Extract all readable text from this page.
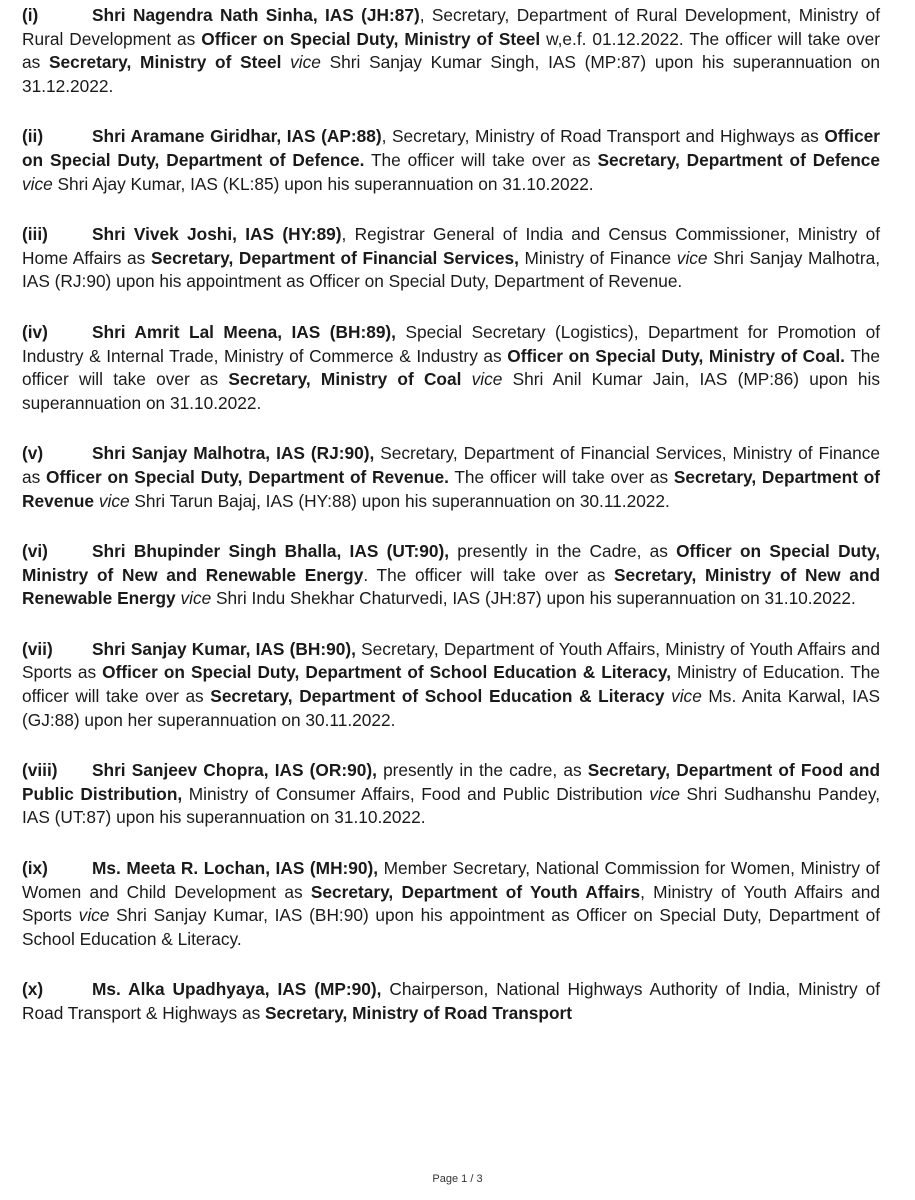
(i)	Shri Nagendra Nath Sinha, IAS (JH:87), Secretary, Department of Rural Development, Ministry of Rural Development as Officer on Special Duty, Ministry of Steel w,e.f. 01.12.2022. The officer will take over as Secretary, Ministry of Steel vice Shri Sanjay Kumar Singh, IAS (MP:87) upon his superannuation on 31.12.2022.

(ii)	Shri Aramane Giridhar, IAS (AP:88), Secretary, Ministry of Road Transport and Highways as Officer on Special Duty, Department of Defence. The officer will take over as Secretary, Department of Defence vice Shri Ajay Kumar, IAS (KL:85) upon his superannuation on 31.10.2022.

(iii)	Shri Vivek Joshi, IAS (HY:89), Registrar General of India and Census Commissioner, Ministry of Home Affairs as Secretary, Department of Financial Services, Ministry of Finance vice Shri Sanjay Malhotra, IAS (RJ:90) upon his appointment as Officer on Special Duty, Department of Revenue.

(iv)	Shri Amrit Lal Meena, IAS (BH:89), Special Secretary (Logistics), Department for Promotion of Industry & Internal Trade, Ministry of Commerce & Industry as Officer on Special Duty, Ministry of Coal. The officer will take over as Secretary, Ministry of Coal vice Shri Anil Kumar Jain, IAS (MP:86) upon his superannuation on 31.10.2022.

(v)	Shri Sanjay Malhotra, IAS (RJ:90), Secretary, Department of Financial Services, Ministry of Finance as Officer on Special Duty, Department of Revenue. The officer will take over as Secretary, Department of Revenue vice Shri Tarun Bajaj, IAS (HY:88) upon his superannuation on 30.11.2022.

(vi)	Shri Bhupinder Singh Bhalla, IAS (UT:90), presently in the Cadre, as Officer on Special Duty, Ministry of New and Renewable Energy. The officer will take over as Secretary, Ministry of New and Renewable Energy vice Shri Indu Shekhar Chaturvedi, IAS (JH:87) upon his superannuation on 31.10.2022.

(vii) Shri Sanjay Kumar, IAS (BH:90), Secretary, Department of Youth Affairs, Ministry of Youth Affairs and Sports as Officer on Special Duty, Department of School Education & Literacy, Ministry of Education. The officer will take over as Secretary, Department of School Education & Literacy vice Ms. Anita Karwal, IAS (GJ:88) upon her superannuation on 30.11.2022.

(viii) Shri Sanjeev Chopra, IAS (OR:90), presently in the cadre, as Secretary, Department of Food and Public Distribution, Ministry of Consumer Affairs, Food and Public Distribution vice Shri Sudhanshu Pandey, IAS (UT:87) upon his superannuation on 31.10.2022.

(ix)	Ms. Meeta R. Lochan, IAS (MH:90), Member Secretary, National Commission for Women, Ministry of Women and Child Development as Secretary, Department of Youth Affairs, Ministry of Youth Affairs and Sports vice Shri Sanjay Kumar, IAS (BH:90) upon his appointment as Officer on Special Duty, Department of School Education & Literacy.

(x)	Ms. Alka Upadhyaya, IAS (MP:90), Chairperson, National Highways Authority of India, Ministry of Road Transport & Highways as Secretary, Ministry of Road Transport

Page 1 / 3
